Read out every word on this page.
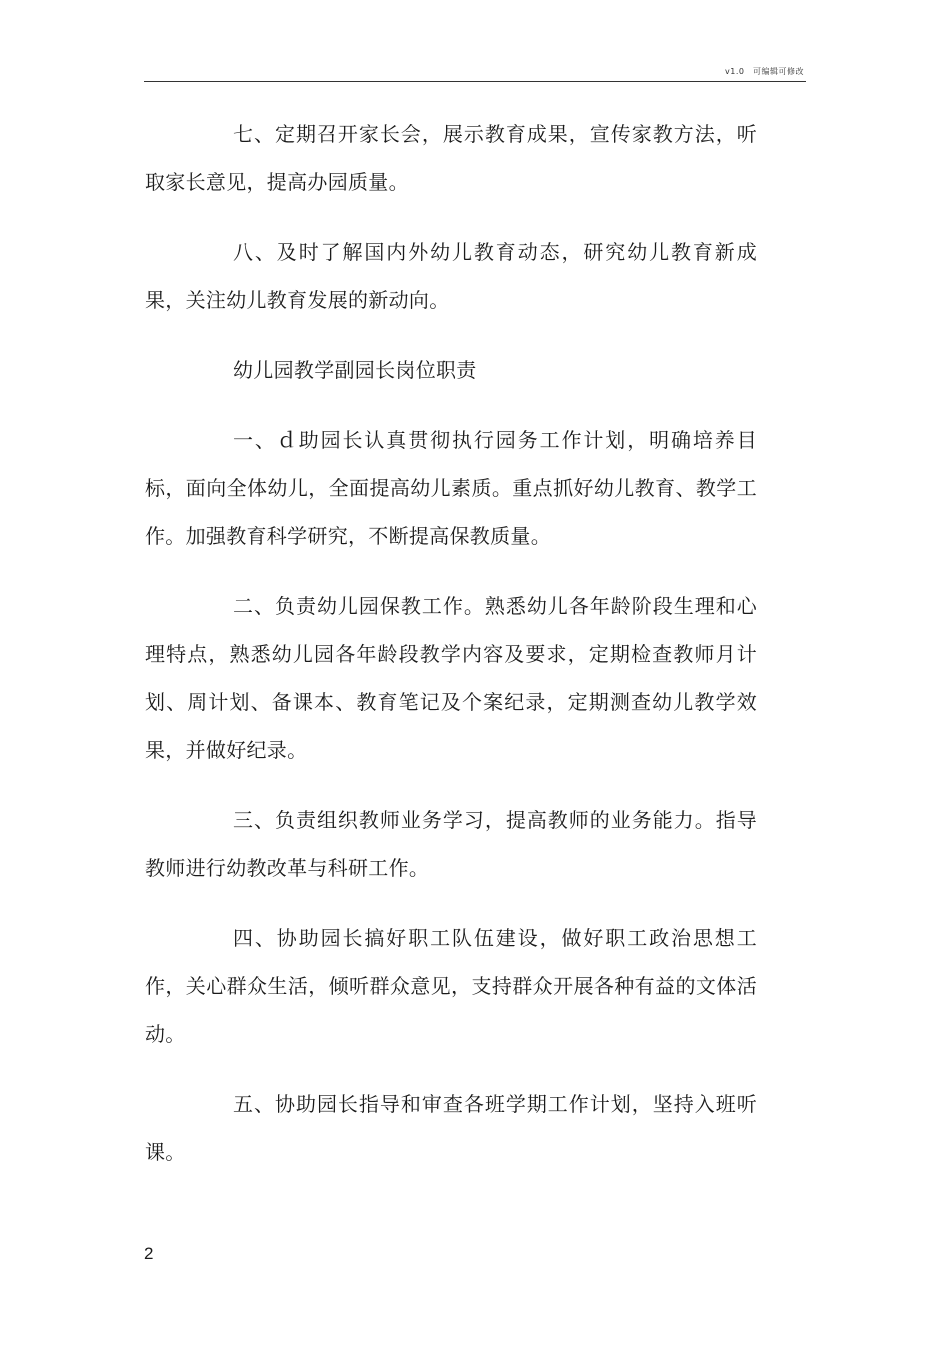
v1.0　可编辑可修改

七、定期召开家长会，展示教育成果，宣传家教方法，听取家长意见，提高办园质量。

八、及时了解国内外幼儿教育动态，研究幼儿教育新成果，关注幼儿教育发展的新动向。

幼儿园教学副园长岗位职责

一、ｄ助园长认真贯彻执行园务工作计划，明确培养目标，面向全体幼儿，全面提高幼儿素质。重点抓好幼儿教育、教学工作。加强教育科学研究，不断提高保教质量。

二、负责幼儿园保教工作。熟悉幼儿各年龄阶段生理和心理特点，熟悉幼儿园各年龄段教学内容及要求，定期检查教师月计划、周计划、备课本、教育笔记及个案纪录，定期测查幼儿教学效果，并做好纪录。

三、负责组织教师业务学习，提高教师的业务能力。指导教师进行幼教改革与科研工作。

四、协助园长搞好职工队伍建设，做好职工政治思想工作，关心群众生活，倾听群众意见，支持群众开展各种有益的文体活动。

五、协助园长指导和审查各班学期工作计划，坚持入班听课。

2
